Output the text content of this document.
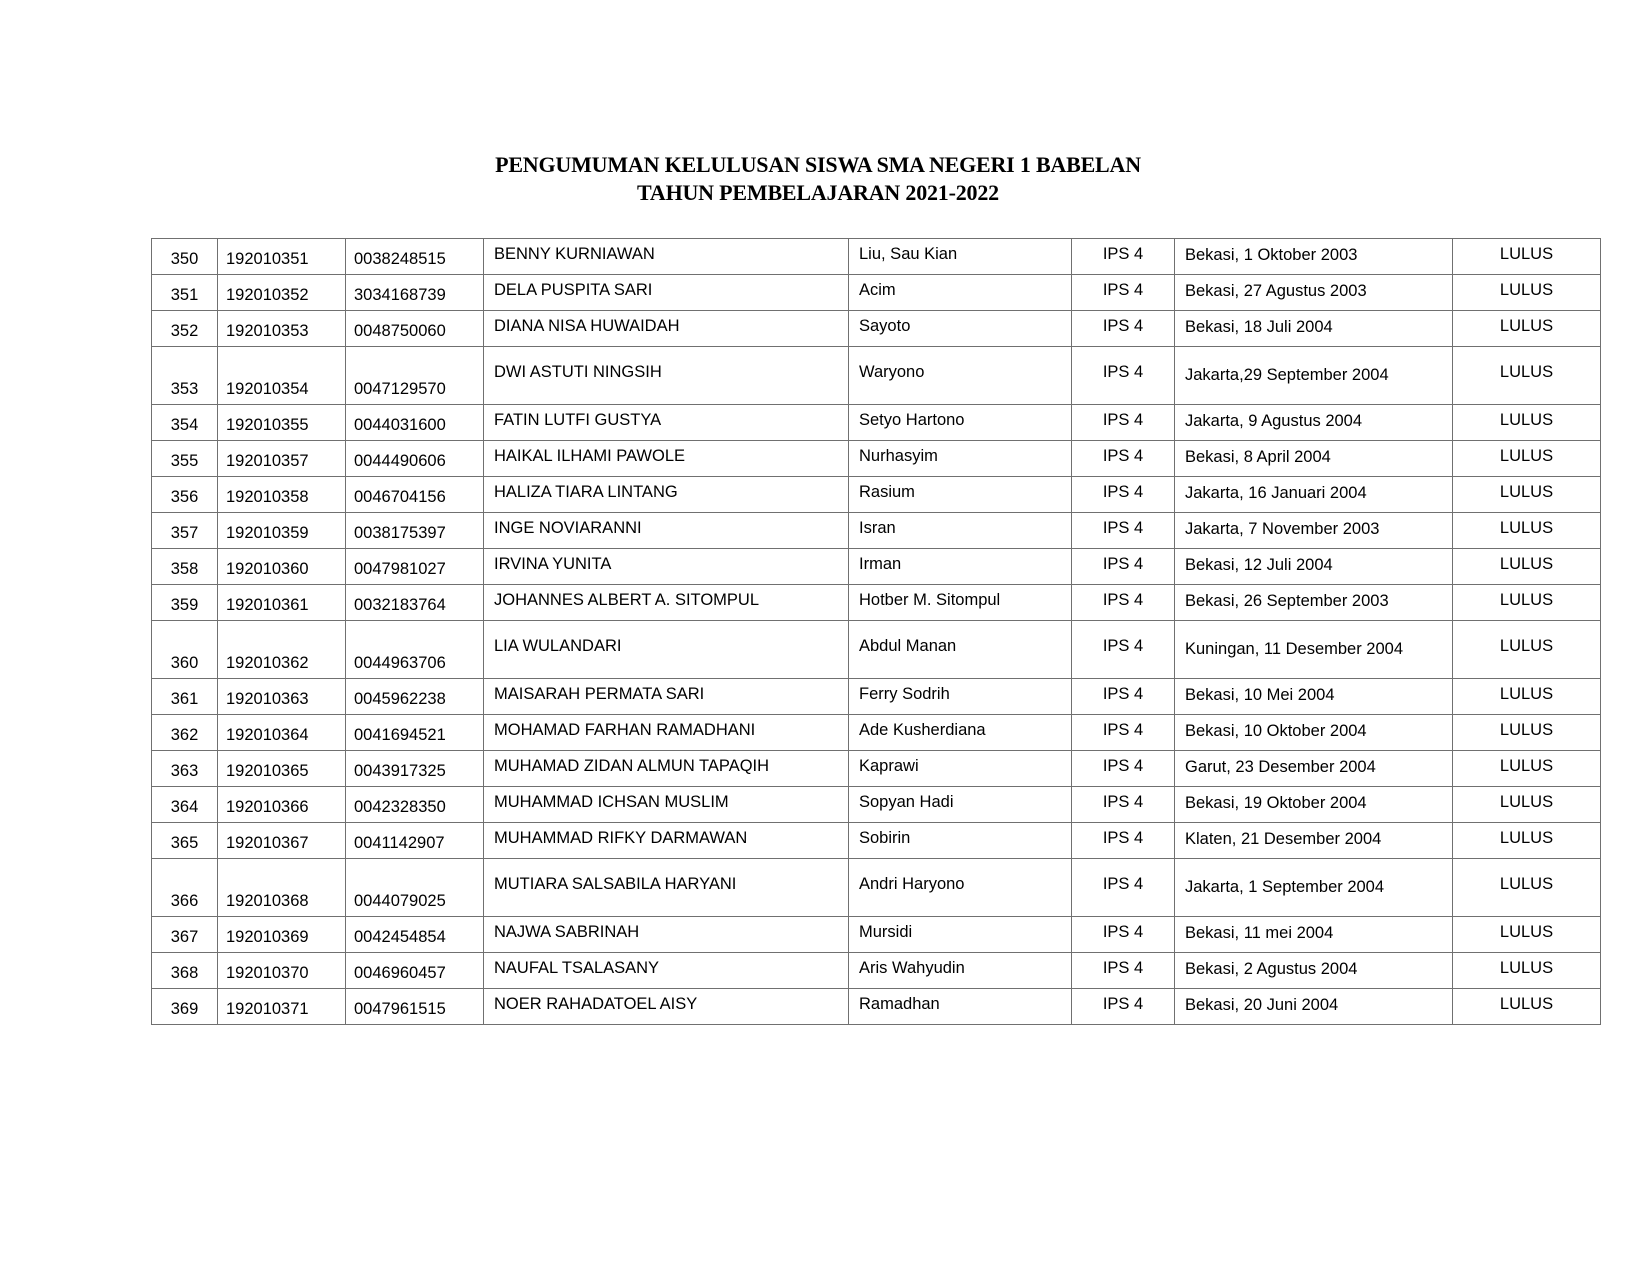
PENGUMUMAN KELULUSAN SISWA SMA NEGERI 1 BABELAN
TAHUN PEMBELAJARAN 2021-2022
350	192010351	0038248515	BENNY KURNIAWAN	Liu, Sau Kian	IPS 4	Bekasi, 1 Oktober 2003	LULUS
351	192010352	3034168739	DELA PUSPITA SARI	Acim	IPS 4	Bekasi, 27 Agustus 2003	LULUS
352	192010353	0048750060	DIANA NISA HUWAIDAH	Sayoto	IPS 4	Bekasi, 18 Juli 2004	LULUS
353	192010354	0047129570	DWI ASTUTI NINGSIH	Waryono	IPS 4	Jakarta,29 September 2004	LULUS
354	192010355	0044031600	FATIN LUTFI GUSTYA	Setyo Hartono	IPS 4	Jakarta, 9 Agustus 2004	LULUS
355	192010357	0044490606	HAIKAL ILHAMI PAWOLE	Nurhasyim	IPS 4	Bekasi, 8 April 2004	LULUS
356	192010358	0046704156	HALIZA TIARA LINTANG	Rasium	IPS 4	Jakarta, 16 Januari 2004	LULUS
357	192010359	0038175397	INGE NOVIARANNI	Isran	IPS 4	Jakarta, 7 November 2003	LULUS
358	192010360	0047981027	IRVINA YUNITA	Irman	IPS 4	Bekasi, 12 Juli 2004	LULUS
359	192010361	0032183764	JOHANNES ALBERT A. SITOMPUL	Hotber M. Sitompul	IPS 4	Bekasi, 26 September 2003	LULUS
360	192010362	0044963706	LIA WULANDARI	Abdul Manan	IPS 4	Kuningan, 11 Desember 2004	LULUS
361	192010363	0045962238	MAISARAH PERMATA SARI	Ferry Sodrih	IPS 4	Bekasi, 10 Mei 2004	LULUS
362	192010364	0041694521	MOHAMAD FARHAN RAMADHANI	Ade Kusherdiana	IPS 4	Bekasi, 10 Oktober 2004	LULUS
363	192010365	0043917325	MUHAMAD ZIDAN ALMUN TAPAQIH	Kaprawi	IPS 4	Garut, 23 Desember 2004	LULUS
364	192010366	0042328350	MUHAMMAD ICHSAN MUSLIM	Sopyan Hadi	IPS 4	Bekasi, 19 Oktober 2004	LULUS
365	192010367	0041142907	MUHAMMAD RIFKY DARMAWAN	Sobirin	IPS 4	Klaten, 21 Desember 2004	LULUS
366	192010368	0044079025	MUTIARA SALSABILA HARYANI	Andri Haryono	IPS 4	Jakarta, 1 September 2004	LULUS
367	192010369	0042454854	NAJWA SABRINAH	Mursidi	IPS 4	Bekasi, 11 mei 2004	LULUS
368	192010370	0046960457	NAUFAL TSALASANY	Aris Wahyudin	IPS 4	Bekasi, 2 Agustus 2004	LULUS
369	192010371	0047961515	NOER RAHADATOEL AISY	Ramadhan	IPS 4	Bekasi, 20 Juni 2004	LULUS
